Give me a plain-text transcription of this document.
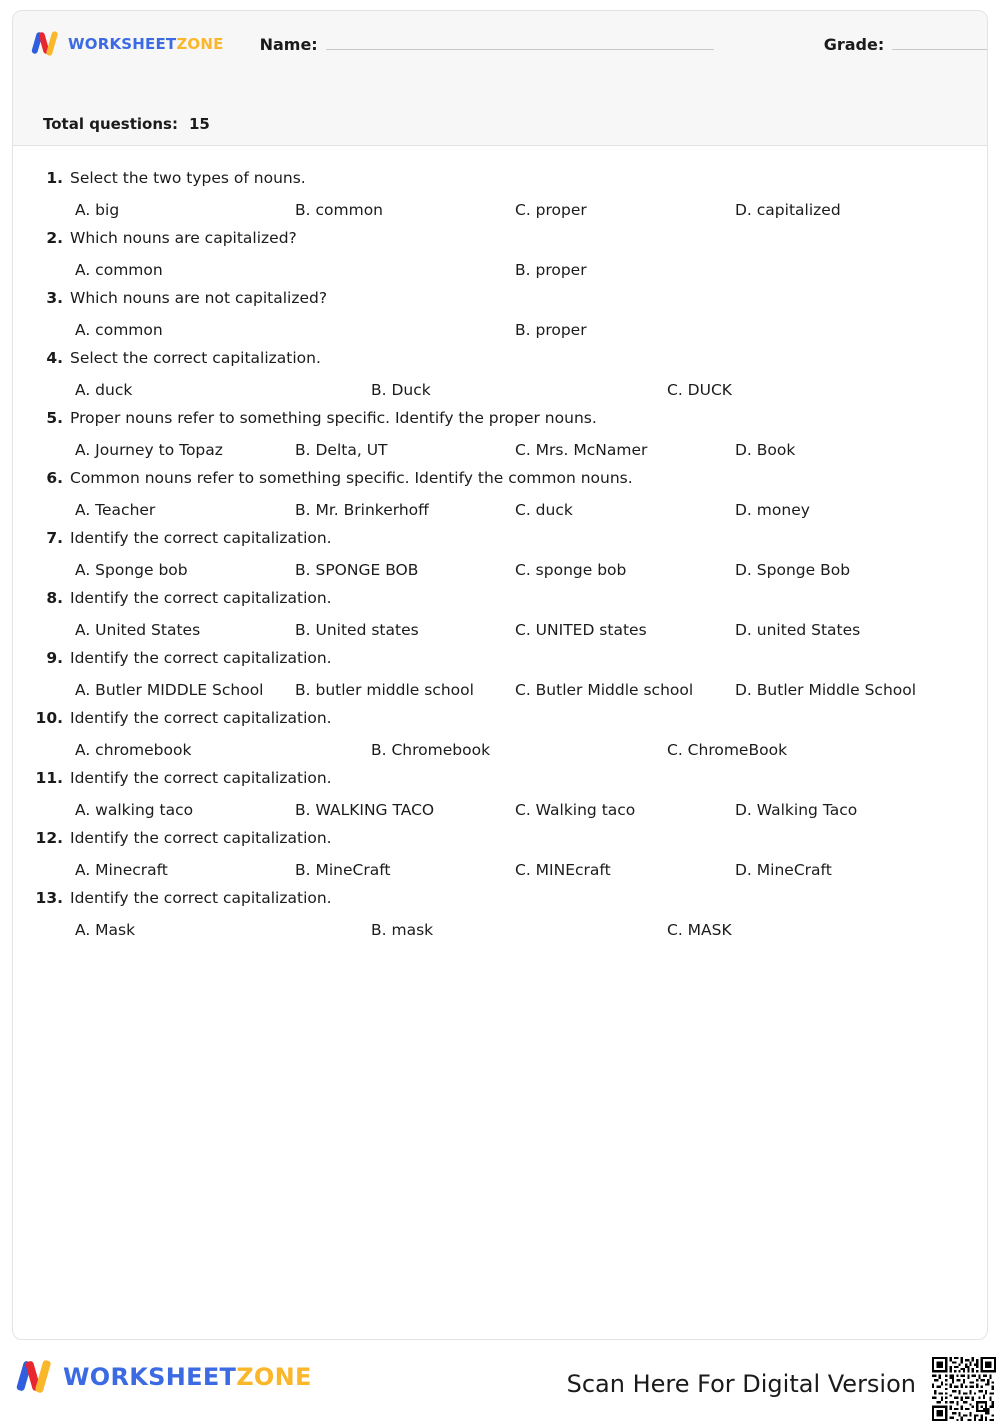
WORKSHEETZONE Name:	Grade:
Total questions: 15
1. Select the two types of nouns.
A. big	B. common	C. proper	D. capitalized
2. Which nouns are capitalized?
A. common	B. proper
3. Which nouns are not capitalized?
A. common	B. proper
4. Select the correct capitalization.
A. duck	B. Duck	C. DUCK
5. Proper nouns refer to something specific. Identify the proper nouns.
A. Journey to Topaz	B. Delta, UT	C. Mrs. McNamer	D. Book
6. Common nouns refer to something specific. Identify the common nouns.
A. Teacher	B. Mr. Brinkerhoff	C. duck	D. money
7. Identify the correct capitalization.
A. Sponge bob	B. SPONGE BOB	C. sponge bob	D. Sponge Bob
8. Identify the correct capitalization.
A. United States	B. United states	C. UNITED states	D. united States
9. Identify the correct capitalization.
A. Butler MIDDLE School	B. butler middle school	C. Butler Middle school	D. Butler Middle School
10. Identify the correct capitalization.
A. chromebook	B. Chromebook	C. ChromeBook
11. Identify the correct capitalization.
A. walking taco	B. WALKING TACO	C. Walking taco	D. Walking Taco
12. Identify the correct capitalization.
A. Minecraft	B. MineCraft	C. MINEcraft	D. MineCraft
13. Identify the correct capitalization.
A. Mask	B. mask	C. MASK
WORKSHEETZONE	Scan Here For Digital Version
